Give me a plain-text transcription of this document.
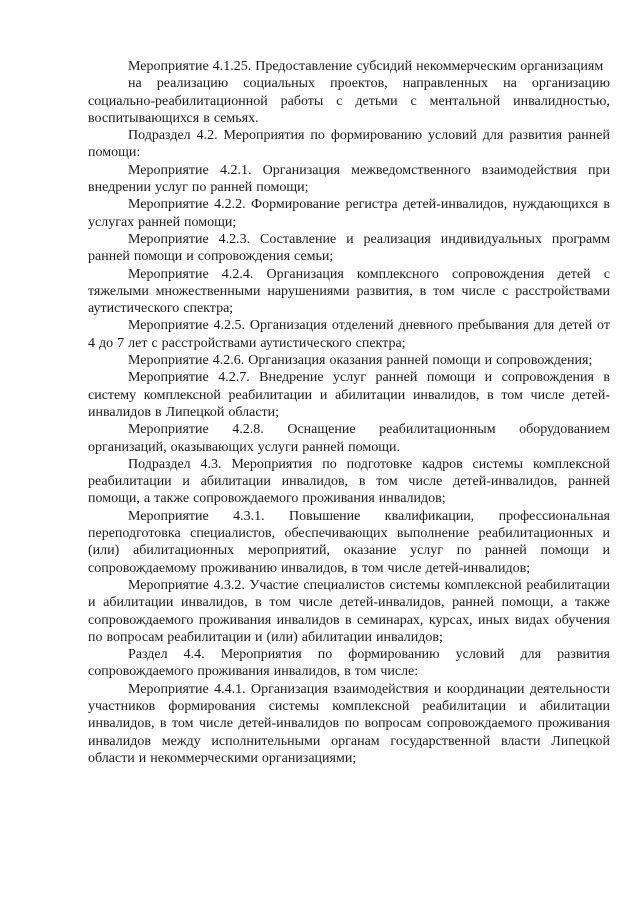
Мероприятие 4.1.25. Предоставление субсидий некоммерческим организациям

на реализацию социальных проектов, направленных на организацию социально-реабилитационной работы с детьми с ментальной инвалидностью, воспитывающихся в семьях.

Подраздел 4.2. Мероприятия по формированию условий для развития ранней помощи:

Мероприятие 4.2.1. Организация межведомственного взаимодействия при внедрении услуг по ранней помощи;

Мероприятие 4.2.2. Формирование регистра детей-инвалидов, нуждающихся в услугах ранней помощи;

Мероприятие 4.2.3. Составление и реализация индивидуальных программ ранней помощи и сопровождения семьи;

Мероприятие 4.2.4. Организация комплексного сопровождения детей с тяжелыми множественными нарушениями развития, в том числе с расстройствами аутистического спектра;

Мероприятие 4.2.5. Организация отделений дневного пребывания для детей от 4 до 7 лет с расстройствами аутистического спектра;

Мероприятие 4.2.6. Организация оказания ранней помощи и сопровождения;

Мероприятие 4.2.7. Внедрение услуг ранней помощи и сопровождения в систему комплексной реабилитации и абилитации инвалидов, в том числе детей-инвалидов в Липецкой области;

Мероприятие 4.2.8. Оснащение реабилитационным оборудованием организаций, оказывающих услуги ранней помощи.

Подраздел 4.3. Мероприятия по подготовке кадров системы комплексной реабилитации и абилитации инвалидов, в том числе детей-инвалидов, ранней помощи, а также сопровождаемого проживания инвалидов;

Мероприятие 4.3.1. Повышение квалификации, профессиональная переподготовка специалистов, обеспечивающих выполнение реабилитационных и (или) абилитационных мероприятий, оказание услуг по ранней помощи и сопровождаемому проживанию инвалидов, в том числе детей-инвалидов;

Мероприятие 4.3.2. Участие специалистов системы комплексной реабилитации и абилитации инвалидов, в том числе детей-инвалидов, ранней помощи, а также сопровождаемого проживания инвалидов в семинарах, курсах, иных видах обучения по вопросам реабилитации и (или) абилитации инвалидов;

Раздел 4.4. Мероприятия по формированию условий для развития сопровождаемого проживания инвалидов, в том числе:

Мероприятие 4.4.1. Организация взаимодействия и координации деятельности участников формирования системы комплексной реабилитации и абилитации инвалидов, в том числе детей-инвалидов по вопросам сопровождаемого проживания инвалидов между исполнительными органам государственной власти Липецкой области и некоммерческими организациями;
